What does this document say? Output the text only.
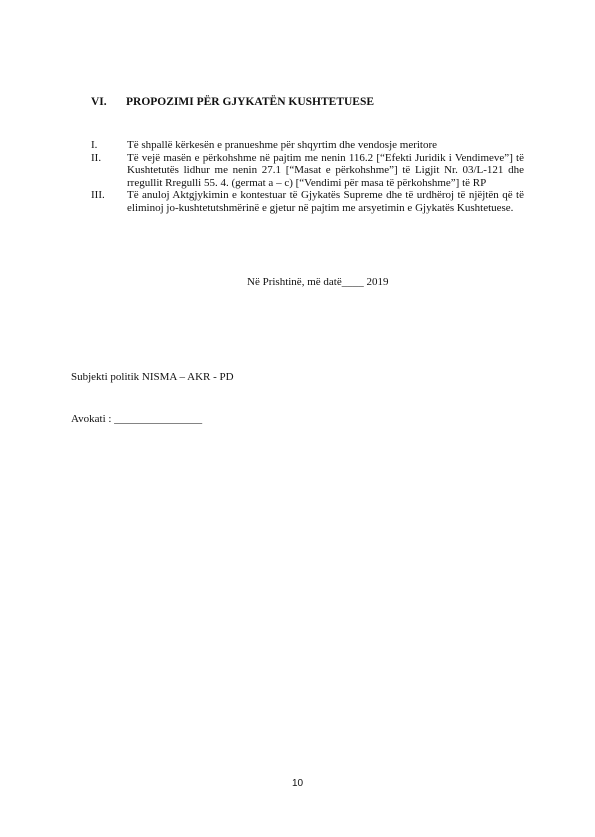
VI. PROPOZIMI PËR GJYKATËN KUSHTETUESE
I.	Të shpallë kërkesën e pranueshme për shqyrtim dhe vendosje meritore
II.	Të vejë masën e përkohshme në pajtim me nenin 116.2 [“Efekti Juridik i Vendimeve”] të Kushtetutës lidhur me nenin 27.1 [“Masat e përkohshme”] të Ligjit Nr. 03/L-121 dhe rregullit Rregulli 55. 4. (germat a – c) [“Vendimi për masa të përkohshme”] të RP
III.	Të anuloj Aktgjykimin e kontestuar të Gjykatës Supreme dhe të urdhëroj të njëjtën që të eliminoj jo-kushtetutshmërinë e gjetur në pajtim me arsyetimin e Gjykatës Kushtetuese.
Në Prishtinë, më datë____ 2019
Subjekti politik NISMA – AKR - PD
Avokati : ________________
10
